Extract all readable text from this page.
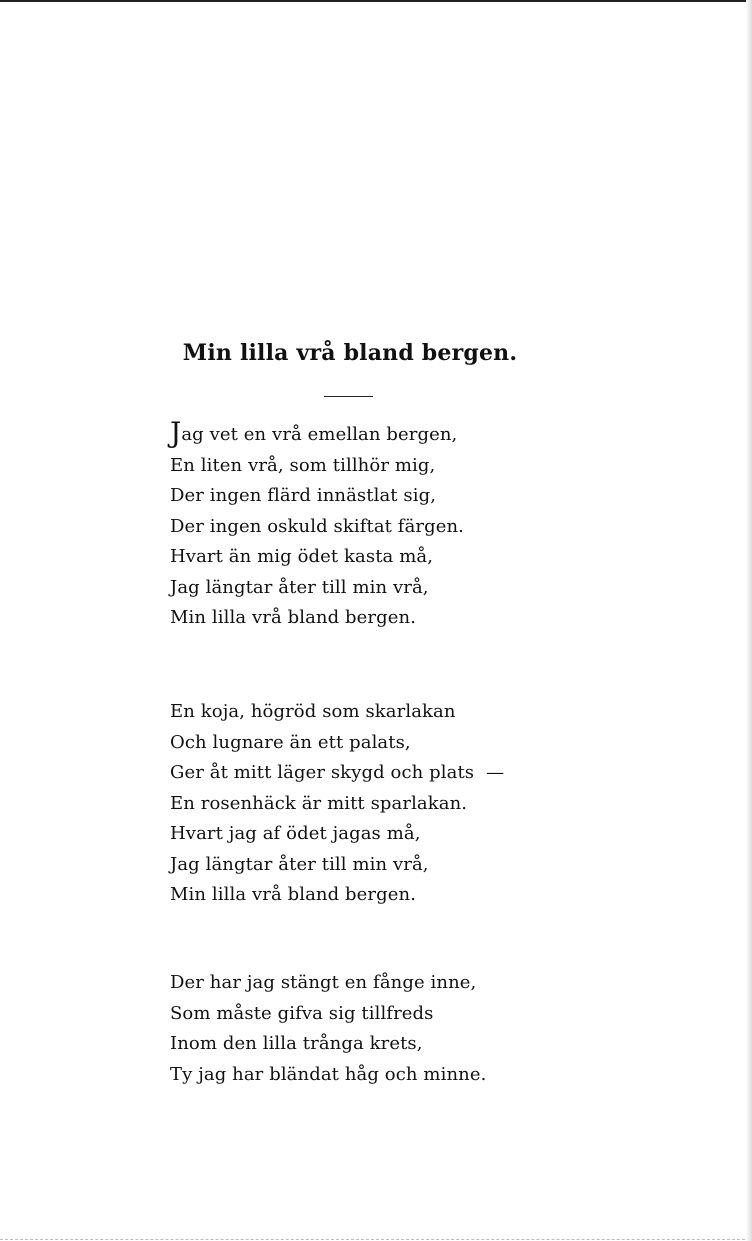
Min lilla vrå bland bergen.
Jag vet en vrå emellan bergen,
En liten vrå, som tillhör mig,
Der ingen flärd innästlat sig,
Der ingen oskuld skiftat färgen.
Hvart än mig ödet kasta må,
Jag längtar åter till min vrå,
Min lilla vrå bland bergen.
En koja, högröd som skarlakan
Och lugnare än ett palats,
Ger åt mitt läger skygd och plats —
En rosenhäck är mitt sparlakan.
Hvart jag af ödet jagas må,
Jag längtar åter till min vrå,
Min lilla vrå bland bergen.
Der har jag stängt en fånge inne,
Som måste gifva sig tillfreds
Inom den lilla trånga krets,
Ty jag har bländat håg och minne.
